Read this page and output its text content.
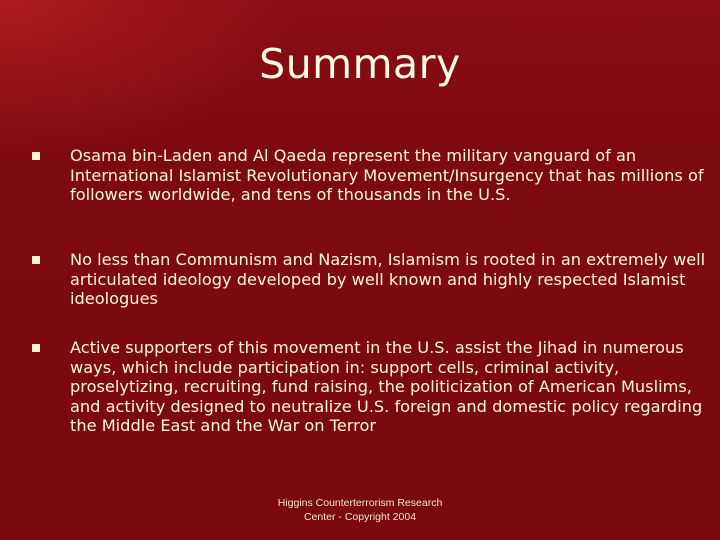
Summary
Osama bin-Laden and Al Qaeda represent the military vanguard of an International Islamist Revolutionary Movement/Insurgency that has millions of followers worldwide, and tens of thousands in the U.S.
No less than Communism and Nazism, Islamism is rooted in an extremely well articulated ideology developed by well known and highly respected Islamist ideologues
Active supporters of this movement in the U.S. assist the Jihad in numerous ways, which include participation in: support cells, criminal activity, proselytizing, recruiting, fund raising, the politicization of American Muslims, and activity designed to neutralize U.S. foreign and domestic policy regarding the Middle East and the War on Terror
Higgins Counterterrorism Research
Center - Copyright 2004
